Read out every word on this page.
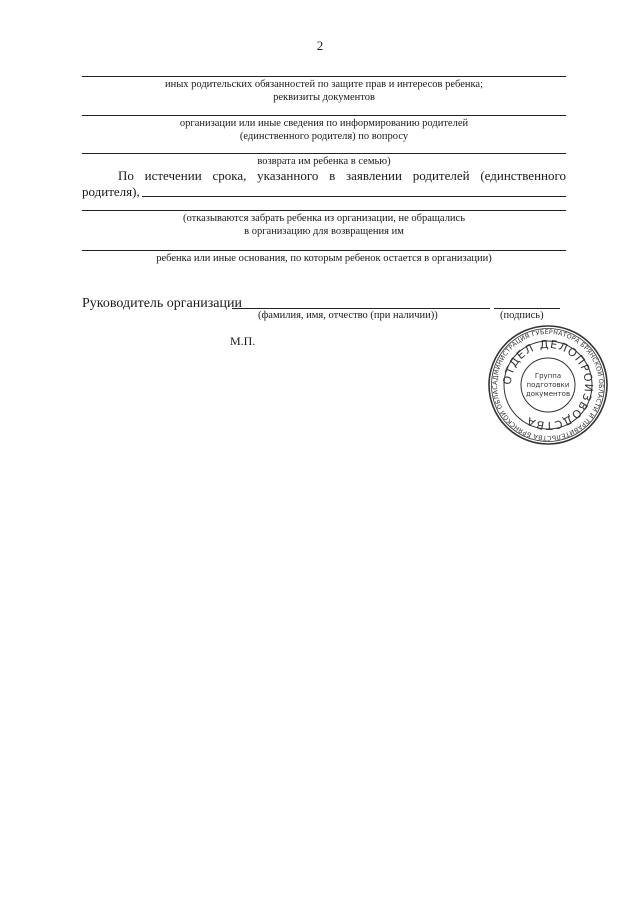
2
иных родительских обязанностей по защите прав и интересов ребенка;
реквизиты документов
организации или иные сведения по информированию родителей
(единственного родителя) по вопросу
возврата им ребенка в семью)
По истечении срока, указанного в заявлении родителей (единственного
родителя),
(отказываются забрать ребенка из организации, не обращались
в организацию для возвращения им
ребенка или иные основания, по которым ребенок остается в организации)
Руководитель организации
(фамилия, имя, отчество (при наличии))	(подпись)
М.П.
АДМИНИСТРАЦИЯ ГУБЕРНАТОРА БРЯНСКОЙ ОБЛАСТИ И ПРАВИТЕЛЬСТВА БРЯНСКОЙ ОБЛАС
ОТДЕЛ ДЕЛОПРОИЗВОДСТВА
Группа
подготовки
документов
